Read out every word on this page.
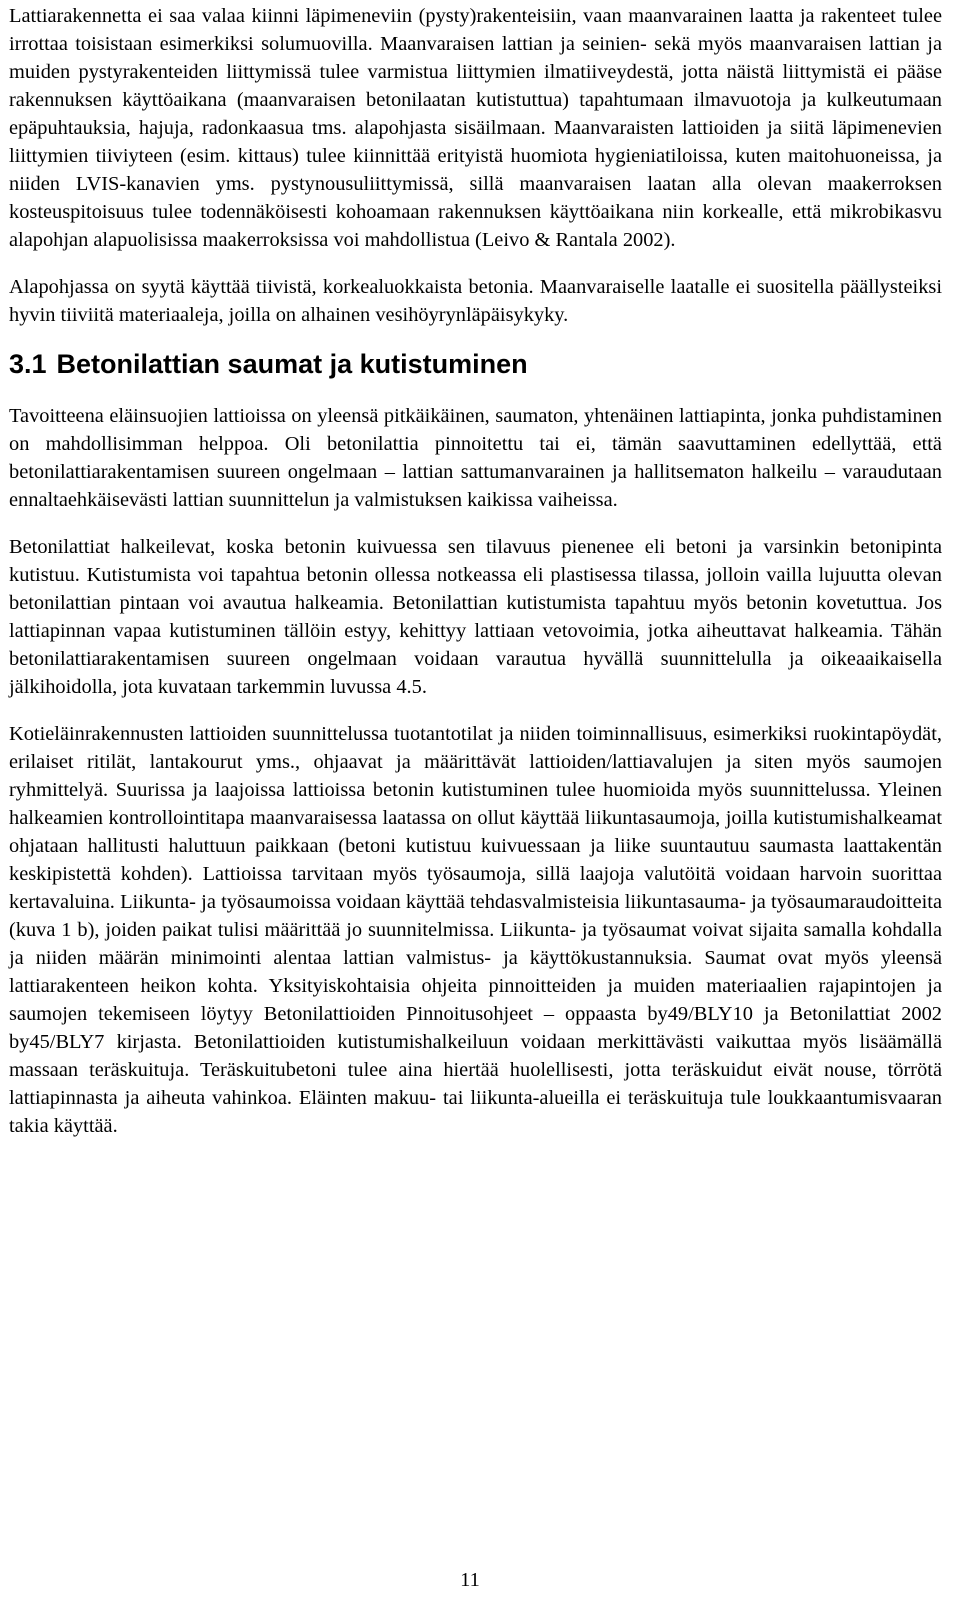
Lattiarakennetta ei saa valaa kiinni läpimeneviin (pysty)rakenteisiin, vaan maanvarainen laatta ja rakenteet tulee irrottaa toisistaan esimerkiksi solumuovilla. Maanvaraisen lattian ja seinien- sekä myös maanvaraisen lattian ja muiden pystyrakenteiden liittymissä tulee varmistua liittymien ilmatiiveydestä, jotta näistä liittymistä ei pääse rakennuksen käyttöaikana (maanvaraisen betonilaatan kutistuttua) tapahtumaan ilmavuotoja ja kulkeutumaan epäpuhtauksia, hajuja, radonkaasua tms. alapohjasta sisäilmaan. Maanvaraisten lattioiden ja siitä läpimenevien liittymien tiiviyteen (esim. kittaus) tulee kiinnittää erityistä huomiota hygieniatiloissa, kuten maitohuoneissa, ja niiden LVIS-kanavien yms. pystynousuliittymissä, sillä maanvaraisen laatan alla olevan maakerroksen kosteuspitoisuus tulee todennäköisesti kohoamaan rakennuksen käyttöaikana niin korkealle, että mikrobikasvu alapohjan alapuolisissa maakerroksissa voi mahdollistua (Leivo & Rantala 2002).

Alapohjassa on syytä käyttää tiivistä, korkealuokkaista betonia. Maanvaraiselle laatalle ei suositella päällysteiksi hyvin tiiviitä materiaaleja, joilla on alhainen vesihöyrynläpäisykyky.

3.1 Betonilattian saumat ja kutistuminen

Tavoitteena eläinsuojien lattioissa on yleensä pitkäikäinen, saumaton, yhtenäinen lattiapinta, jonka puhdistaminen on mahdollisimman helppoa. Oli betonilattia pinnoitettu tai ei, tämän saavuttaminen edellyttää, että betonilattiarakentamisen suureen ongelmaan – lattian sattumanvarainen ja hallitsematon halkeilu – varaudutaan ennaltaehkäisevästi lattian suunnittelun ja valmistuksen kaikissa vaiheissa.

Betonilattiat halkeilevat, koska betonin kuivuessa sen tilavuus pienenee eli betoni ja varsinkin betonipinta kutistuu. Kutistumista voi tapahtua betonin ollessa notkeassa eli plastisessa tilassa, jolloin vailla lujuutta olevan betonilattian pintaan voi avautua halkeamia. Betonilattian kutistumista tapahtuu myös betonin kovetuttua. Jos lattiapinnan vapaa kutistuminen tällöin estyy, kehittyy lattiaan vetovoimia, jotka aiheuttavat halkeamia. Tähän betonilattiarakentamisen suureen ongelmaan voidaan varautua hyvällä suunnittelulla ja oikeaaikaisella jälkihoidolla, jota kuvataan tarkemmin luvussa 4.5.

Kotieläinrakennusten lattioiden suunnittelussa tuotantotilat ja niiden toiminnallisuus, esimerkiksi ruokintapöydät, erilaiset ritilät, lantakourut yms., ohjaavat ja määrittävät lattioiden/lattiavalujen ja siten myös saumojen ryhmittelyä. Suurissa ja laajoissa lattioissa betonin kutistuminen tulee huomioida myös suunnittelussa. Yleinen halkeamien kontrollointitapa maanvaraisessa laatassa on ollut käyttää liikuntasaumoja, joilla kutistumishalkeamat ohjataan hallitusti haluttuun paikkaan (betoni kutistuu kuivuessaan ja liike suuntautuu saumasta laattakentän keskipistettä kohden). Lattioissa tarvitaan myös työsaumoja, sillä laajoja valutöitä voidaan harvoin suorittaa kertavaluina. Liikunta- ja työsaumoissa voidaan käyttää tehdasvalmisteisia liikuntasauma- ja työsaumaraudoitteita (kuva 1 b), joiden paikat tulisi määrittää jo suunnitelmissa. Liikunta- ja työsaumat voivat sijaita samalla kohdalla ja niiden määrän minimointi alentaa lattian valmistus- ja käyttökustannuksia. Saumat ovat myös yleensä lattiarakenteen heikon kohta. Yksityiskohtaisia ohjeita pinnoitteiden ja muiden materiaalien rajapintojen ja saumojen tekemiseen löytyy Betonilattioiden Pinnoitusohjeet – oppaasta by49/BLY10 ja Betonilattiat 2002 by45/BLY7 kirjasta. Betonilattioiden kutistumishalkeiluun voidaan merkittävästi vaikuttaa myös lisäämällä massaan teräskuituja. Teräskuitubetoni tulee aina hiertää huolellisesti, jotta teräskuidut eivät nouse, törrötä lattiapinnasta ja aiheuta vahinkoa. Eläinten makuu- tai liikunta-alueilla ei teräskuituja tule loukkaantumisvaaran takia käyttää.

11
